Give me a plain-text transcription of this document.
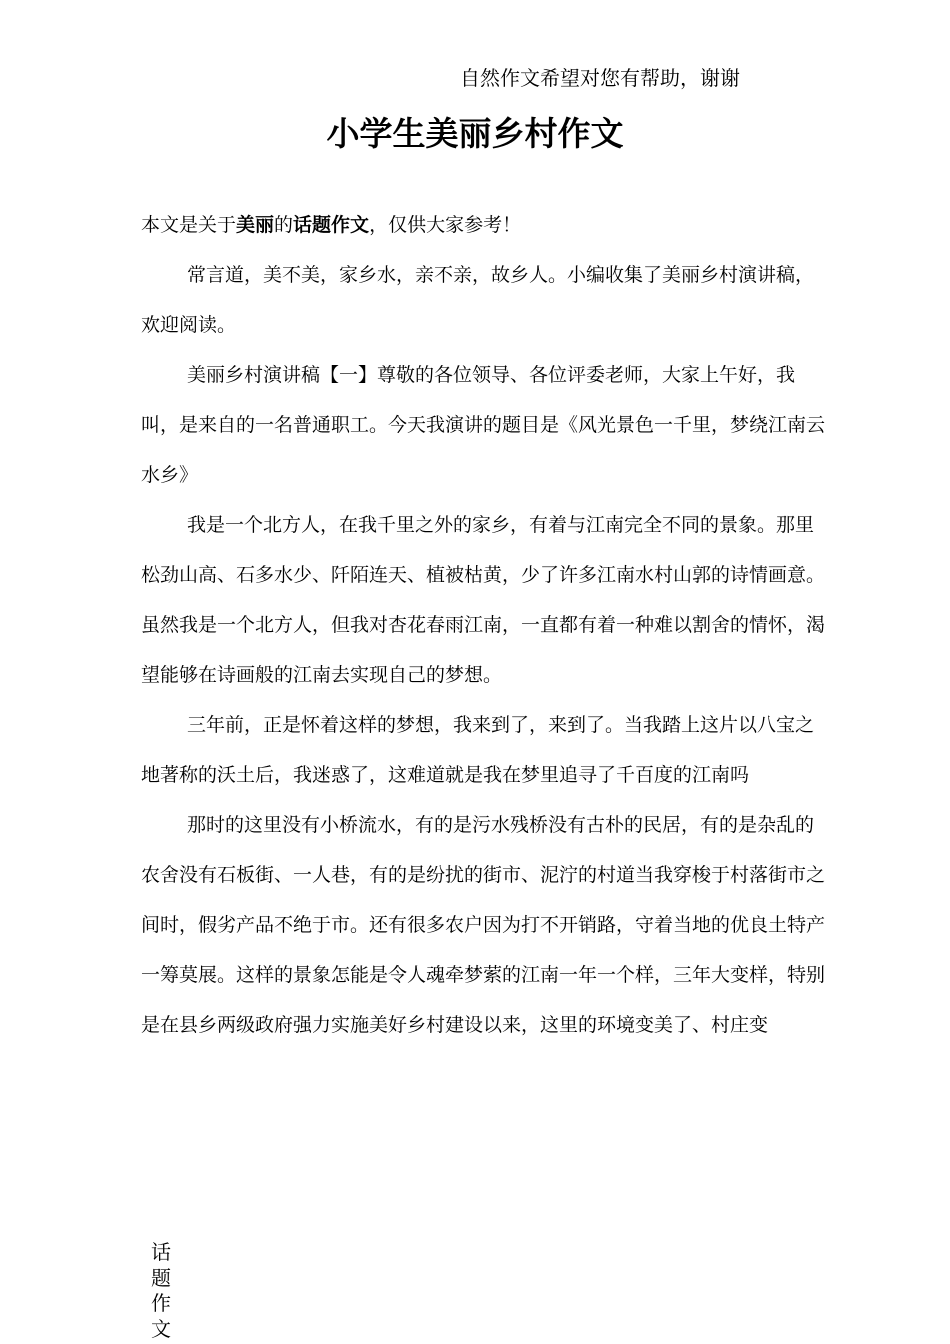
自然作文希望对您有帮助，谢谢
小学生美丽乡村作文

本文是关于美丽的话题作文，仅供大家参考！

常言道，美不美，家乡水，亲不亲，故乡人。小编收集了美丽乡村演讲稿，欢迎阅读。

美丽乡村演讲稿【一】尊敬的各位领导、各位评委老师，大家上午好，我叫，是来自的一名普通职工。今天我演讲的题目是《风光景色一千里，梦绕江南云水乡》

我是一个北方人，在我千里之外的家乡，有着与江南完全不同的景象。那里松劲山高、石多水少、阡陌连天、植被枯黄，少了许多江南水村山郭的诗情画意。虽然我是一个北方人，但我对杏花春雨江南，一直都有着一种难以割舍的情怀，渴望能够在诗画般的江南去实现自己的梦想。

三年前，正是怀着这样的梦想，我来到了，来到了。当我踏上这片以八宝之地著称的沃土后，我迷惑了，这难道就是我在梦里追寻了千百度的江南吗

那时的这里没有小桥流水，有的是污水残桥没有古朴的民居，有的是杂乱的农舍没有石板街、一人巷，有的是纷扰的街市、泥泞的村道当我穿梭于村落街市之间时，假劣产品不绝于市。还有很多农户因为打不开销路，守着当地的优良土特产一筹莫展。这样的景象怎能是令人魂牵梦萦的江南一年一个样，三年大变样，特别是在县乡两级政府强力实施美好乡村建设以来，这里的环境变美了、村庄变

话题作文
